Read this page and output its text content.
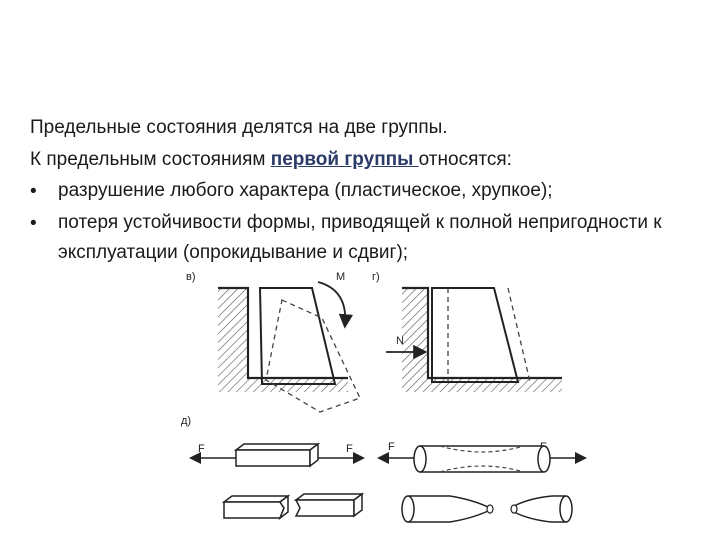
Предельные состояния делятся на две группы.
К предельным состояниям первой группы относятся:
•	разрушение любого характера (пластическое, хрупкое);
•	потеря устойчивости формы, приводящей к полной непригодности к эксплуатации (опрокидывание и сдвиг);
в)	M г)
N
д)
F	F	F
